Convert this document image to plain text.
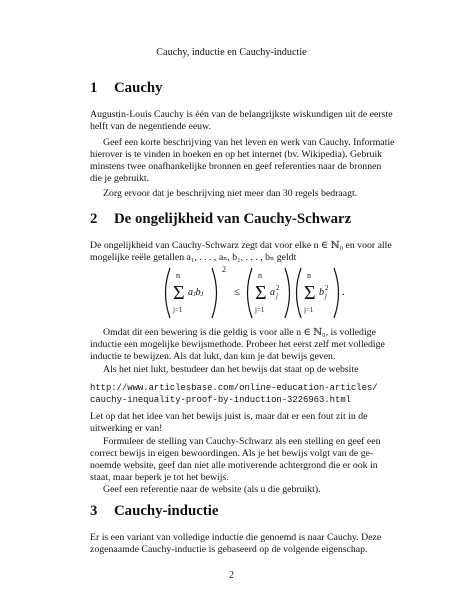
Cauchy, inductie en Cauchy-inductie
1 Cauchy
Augustin-Louis Cauchy is één van de belangrijkste wiskundigen uit de eerste
helft van de negentiende eeuw.
Geef een korte beschrijving van het leven en werk van Cauchy. Informatie
hierover is te vinden in boeken en op het internet (bv. Wikipedia). Gebruik
minstens twee onafhankelijke bronnen en geef referenties naar de bronnen
die je gebruikt.
Zorg ervoor dat je beschrijving niet meer dan 30 regels bedraagt.
2 De ongelijkheid van Cauchy-Schwarz
De ongelijkheid van Cauchy-Schwarz zegt dat voor elke n ∈ ℕ₀ en voor alle
mogelijke reële getallen a₁, . . . , aₙ, b₁, . . . , bₙ geldt
n
Σ
j=1
aⱼbⱼ
2
≤
n
Σ
j=1
a 2
j
n
Σ
j=1
b 2
j .
Omdat dit een bewering is die geldig is voor alle n ∈ ℕ₀, is volledige
inductie een mogelijke bewijsmethode. Probeer het eerst zelf met volledige
inductie te bewijzen. Als dat lukt, dan kun je dat bewijs geven.
Als het niet lukt, bestudeer dan het bewijs dat staat op de website
http://www.articlesbase.com/online-education-articles/
cauchy-inequality-proof-by-induction-3226963.html
Let op dat het idee van het bewijs juist is, maar dat er een fout zit in de
uitwerking er van!
Formuleer de stelling van Cauchy-Schwarz als een stelling en geef een
correct bewijs in eigen bewoordingen. Als je het bewijs volgt van de ge-
noemde website, geef dan niet alle motiverende achtergrond die er ook in
staat, maar beperk je tot het bewijs.
Geef een referentie naar de website (als u die gebruikt).
3 Cauchy-inductie
Er is een variant van volledige inductie die genoemd is naar Cauchy. Deze
zogenaamde Cauchy-inductie is gebaseerd op de volgende eigenschap.
2
